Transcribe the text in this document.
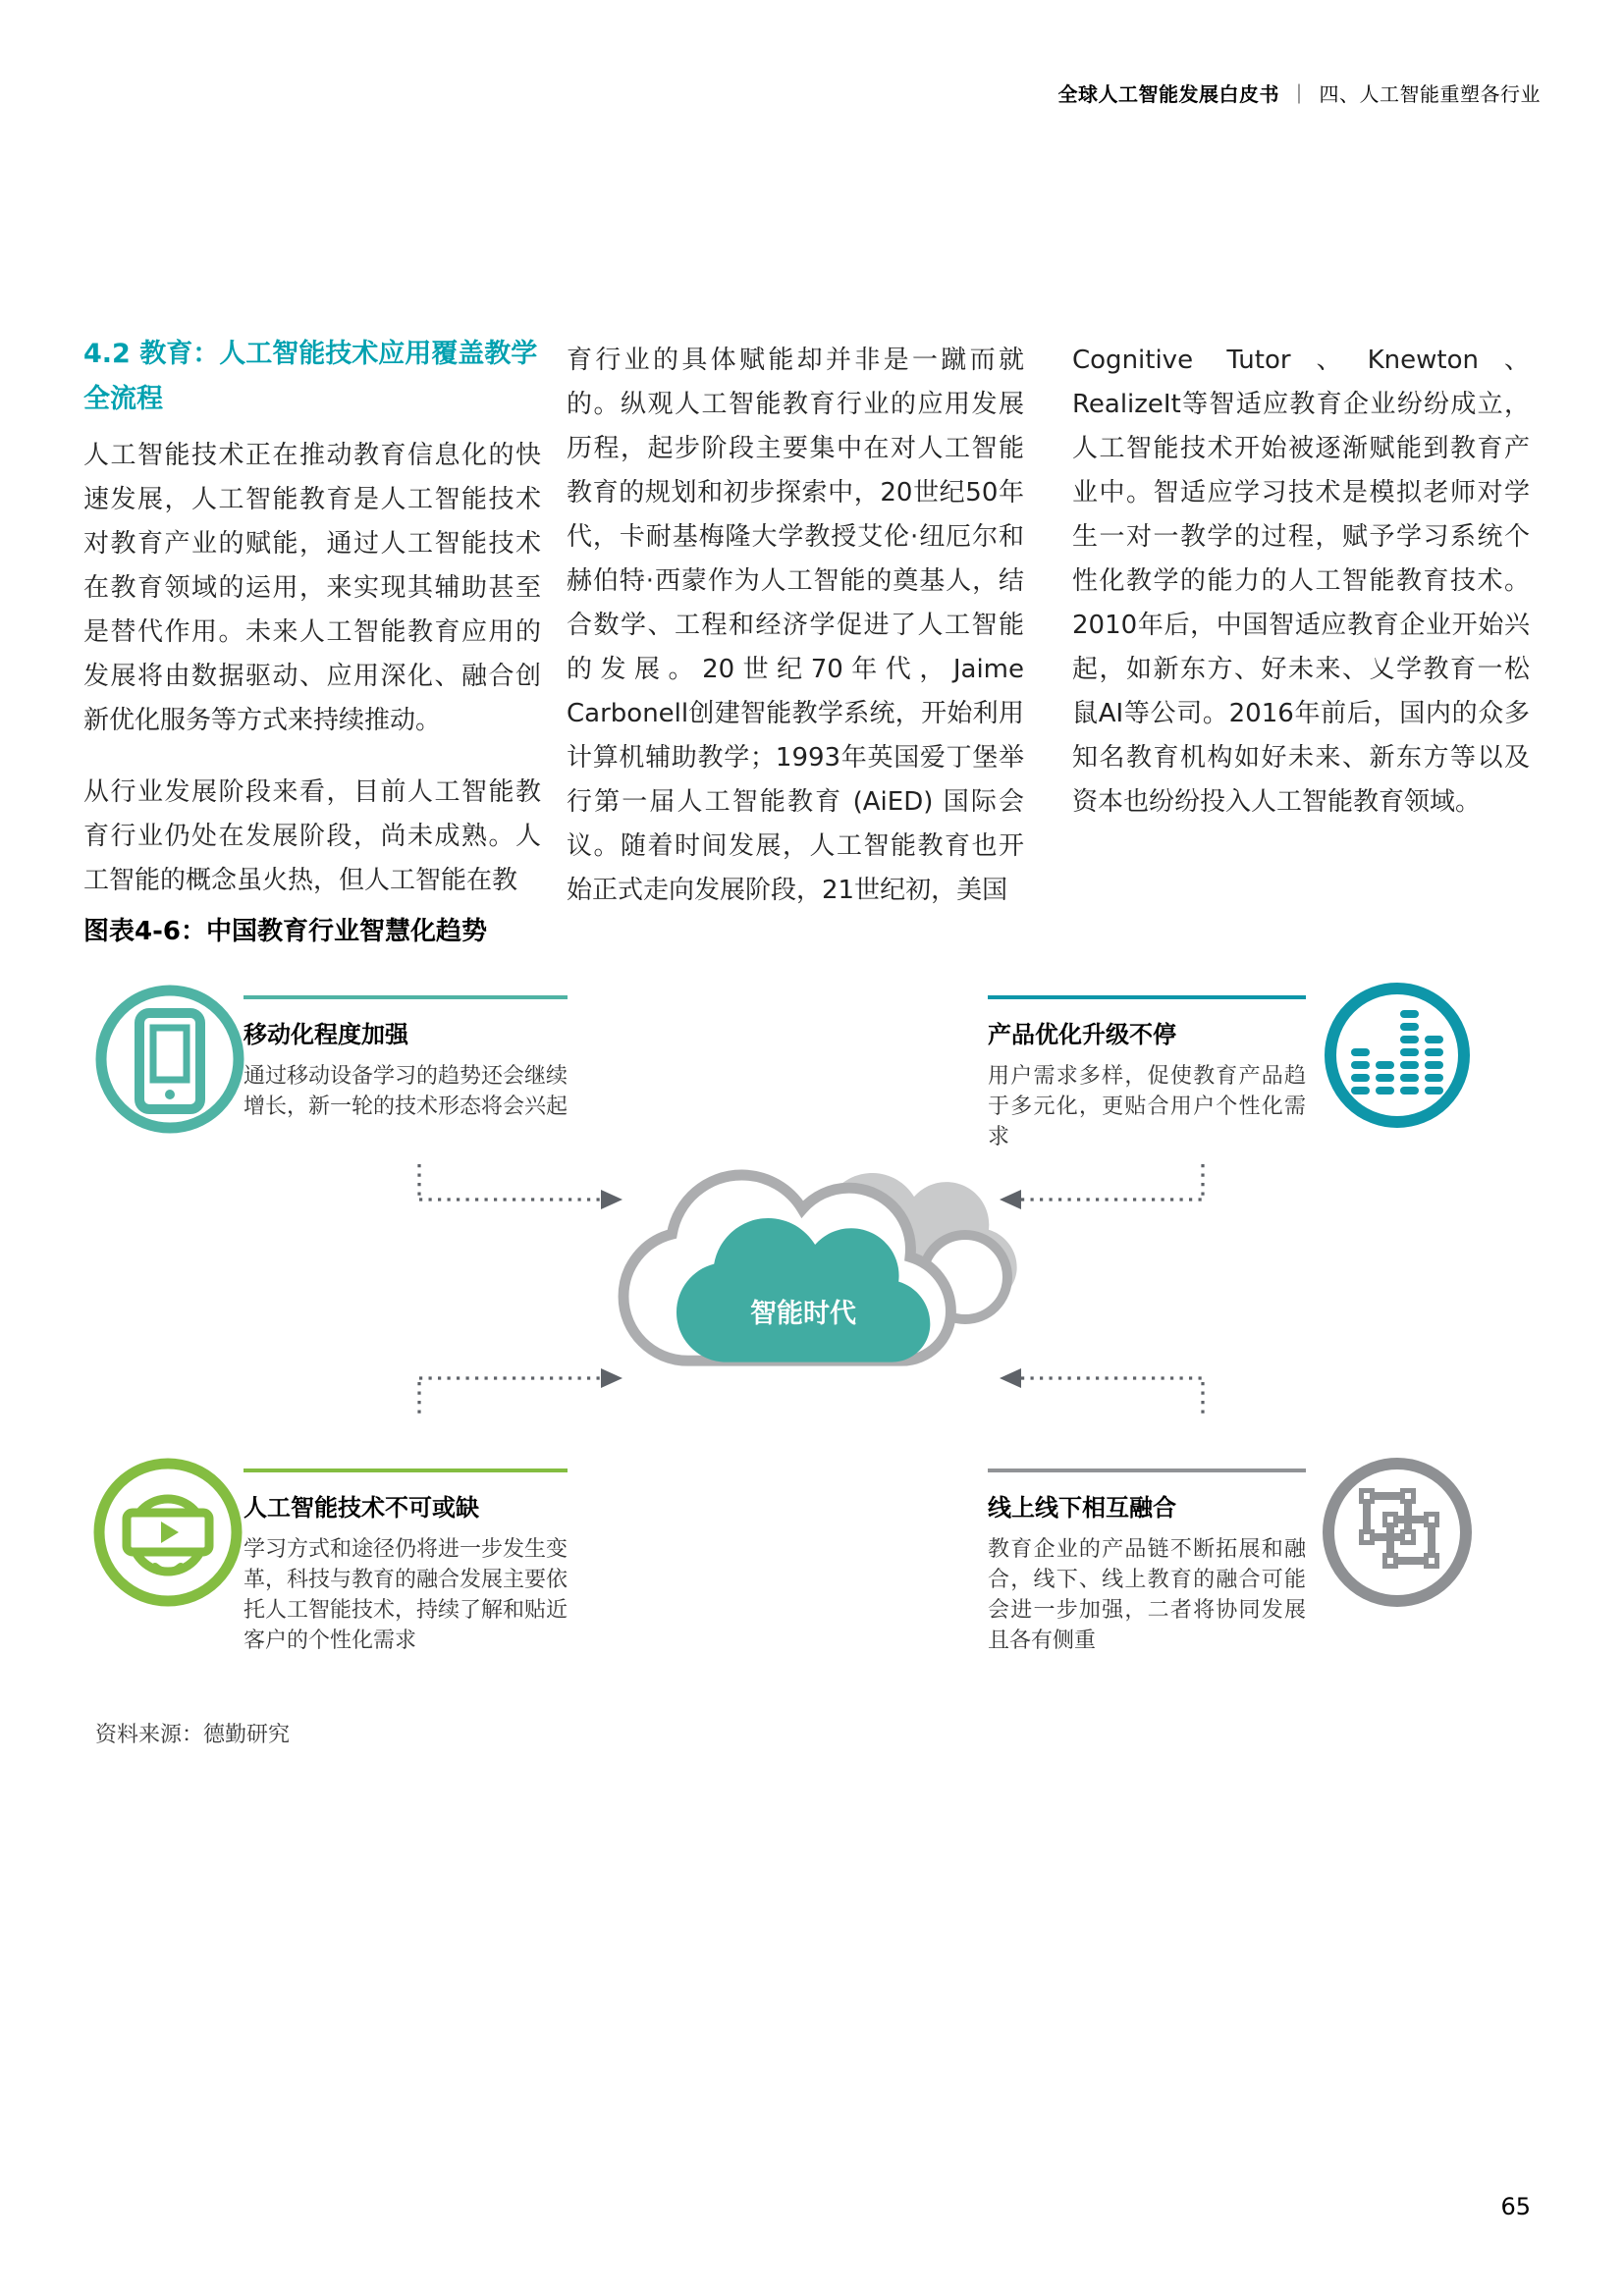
全球人工智能发展白皮书 ｜ 四、人工智能重塑各行业
4.2 教育：人工智能技术应用覆盖教学全流程

人工智能技术正在推动教育信息化的快速发展，人工智能教育是人工智能技术对教育产业的赋能，通过人工智能技术在教育领域的运用，来实现其辅助甚至是替代作用。未来人工智能教育应用的发展将由数据驱动、应用深化、融合创新优化服务等方式来持续推动。

从行业发展阶段来看，目前人工智能教育行业仍处在发展阶段，尚未成熟。人工智能的概念虽火热，但人工智能在教

育行业的具体赋能却并非是一蹴而就的。纵观人工智能教育行业的应用发展历程，起步阶段主要集中在对人工智能教育的规划和初步探索中，20世纪50年代，卡耐基梅隆大学教授艾伦·纽厄尔和赫伯特·西蒙作为人工智能的奠基人，结合数学、工程和经济学促进了人工智能的发展。20世纪70年代，Jaime Carbonell创建智能教学系统，开始利用计算机辅助教学；1993年英国爱丁堡举行第一届人工智能教育 (AiED) 国际会议。随着时间发展，人工智能教育也开始正式走向发展阶段，21世纪初，美国

Cognitive Tutor、Knewton、RealizeIt等智适应教育企业纷纷成立，人工智能技术开始被逐渐赋能到教育产业中。智适应学习技术是模拟老师对学生一对一教学的过程，赋予学习系统个性化教学的能力的人工智能教育技术。2010年后，中国智适应教育企业开始兴起，如新东方、好未来、乂学教育一松鼠AI等公司。2016年前后，国内的众多知名教育机构如好未来、新东方等以及资本也纷纷投入人工智能教育领域。

图表4-6：中国教育行业智慧化趋势
移动化程度加强
通过移动设备学习的趋势还会继续增长，新一轮的技术形态将会兴起
产品优化升级不停
用户需求多样，促使教育产品趋于多元化，更贴合用户个性化需求
智能时代
人工智能技术不可或缺
学习方式和途径仍将进一步发生变革，科技与教育的融合发展主要依托人工智能技术，持续了解和贴近客户的个性化需求
线上线下相互融合
教育企业的产品链不断拓展和融合，线下、线上教育的融合可能会进一步加强，二者将协同发展且各有侧重
资料来源：德勤研究
65
